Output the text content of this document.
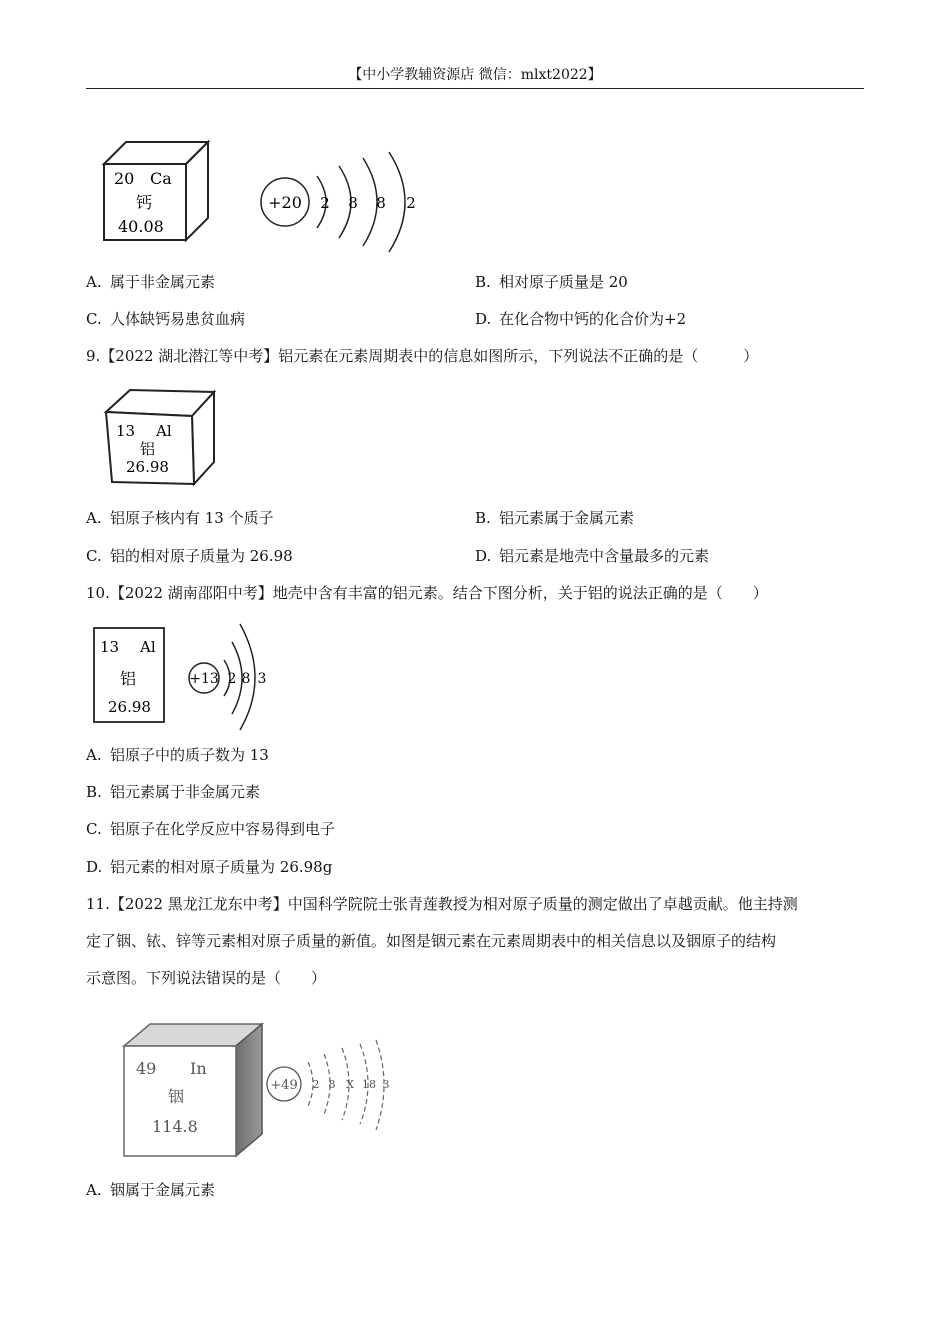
【中小学教辅资源店 微信：mlxt2022】
20 Ca
钙
40.08
+20 2 8 8 2
A. 属于非金属元素	B. 相对原子质量是 20
C. 人体缺钙易患贫血病	D. 在化合物中钙的化合价为+2
9.【2022 湖北潜江等中考】铝元素在元素周期表中的信息如图所示，下列说法不正确的是（　　　）
13 Al
铝
26.98
A. 铝原子核内有 13 个质子	B. 铝元素属于金属元素
C. 铝的相对原子质量为 26.98	D. 铝元素是地壳中含量最多的元素
10.【2022 湖南邵阳中考】地壳中含有丰富的铝元素。结合下图分析，关于铝的说法正确的是（　　）
13 Al
铝
26.98
+13 2 8 3
A. 铝原子中的质子数为 13
B. 铝元素属于非金属元素
C. 铝原子在化学反应中容易得到电子
D. 铝元素的相对原子质量为 26.98g
11.【2022 黑龙江龙东中考】中国科学院院士张青莲教授为相对原子质量的测定做出了卓越贡献。他主持测
定了铟、铱、锌等元素相对原子质量的新值。如图是铟元素在元素周期表中的相关信息以及铟原子的结构
示意图。下列说法错误的是（　　）
49 In
铟
114.8
+49 2 8 X 18 3
A. 铟属于金属元素
